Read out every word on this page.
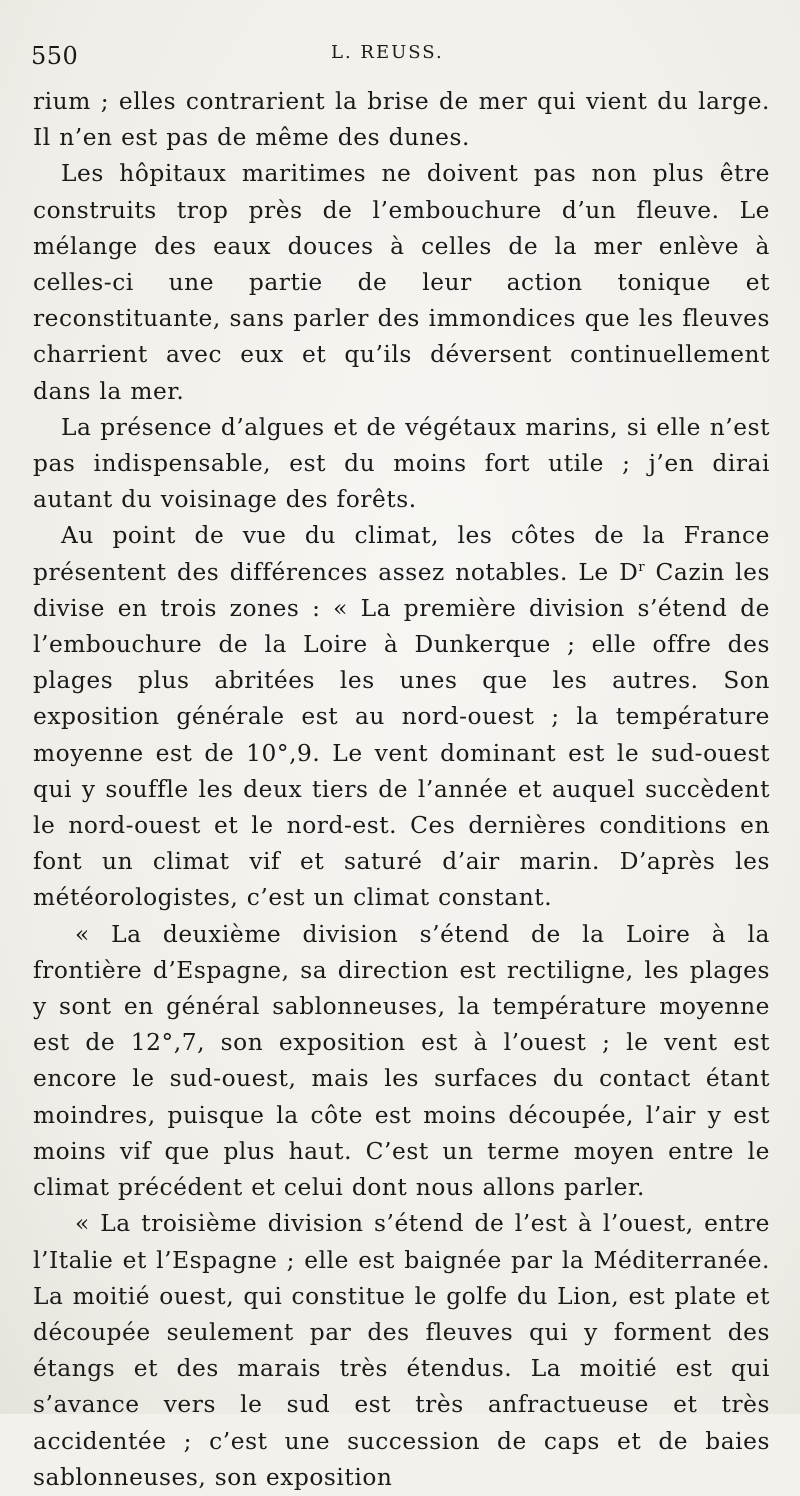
550	L. REUSS.

rium ; elles contrarient la brise de mer qui vient du large. Il n’en est pas de même des dunes.

Les hôpitaux maritimes ne doivent pas non plus être construits trop près de l’embouchure d’un fleuve. Le mélange des eaux douces à celles de la mer enlève à celles-ci une partie de leur action tonique et reconstituante, sans parler des immondices que les fleuves charrient avec eux et qu’ils déversent continuellement dans la mer.

La présence d’algues et de végétaux marins, si elle n’est pas indispensable, est du moins fort utile ; j’en dirai autant du voisinage des forêts.

Au point de vue du climat, les côtes de la France présentent des différences assez notables. Le $D^r$ Cazin les divise en trois zones : « La première division s’étend de l’embouchure de la Loire à Dunkerque ; elle offre des plages plus abritées les unes que les autres. Son exposition générale est au nord-ouest ; la température moyenne est de 10°,9. Le vent dominant est le sud-ouest qui y souffle les deux tiers de l’année et auquel succèdent le nord-ouest et le nord-est. Ces dernières conditions en font un climat vif et saturé d’air marin. D’après les météorologistes, c’est un climat constant.

« La deuxième division s’étend de la Loire à la frontière d’Espagne, sa direction est rectiligne, les plages y sont en général sablonneuses, la température moyenne est de 12°,7, son exposition est à l’ouest ; le vent est encore le sud-ouest, mais les surfaces du contact étant moindres, puisque la côte est moins découpée, l’air y est moins vif que plus haut. C’est un terme moyen entre le climat précédent et celui dont nous allons parler.

« La troisième division s’étend de l’est à l’ouest, entre l’Italie et l’Espagne ; elle est baignée par la Méditerranée. La moitié ouest, qui constitue le golfe du Lion, est plate et découpée seulement par des fleuves qui y forment des étangs et des marais très étendus. La moitié est qui s’avance vers le sud est très anfractueuse et très accidentée ; c’est une succession de caps et de baies sablonneuses, son exposition
